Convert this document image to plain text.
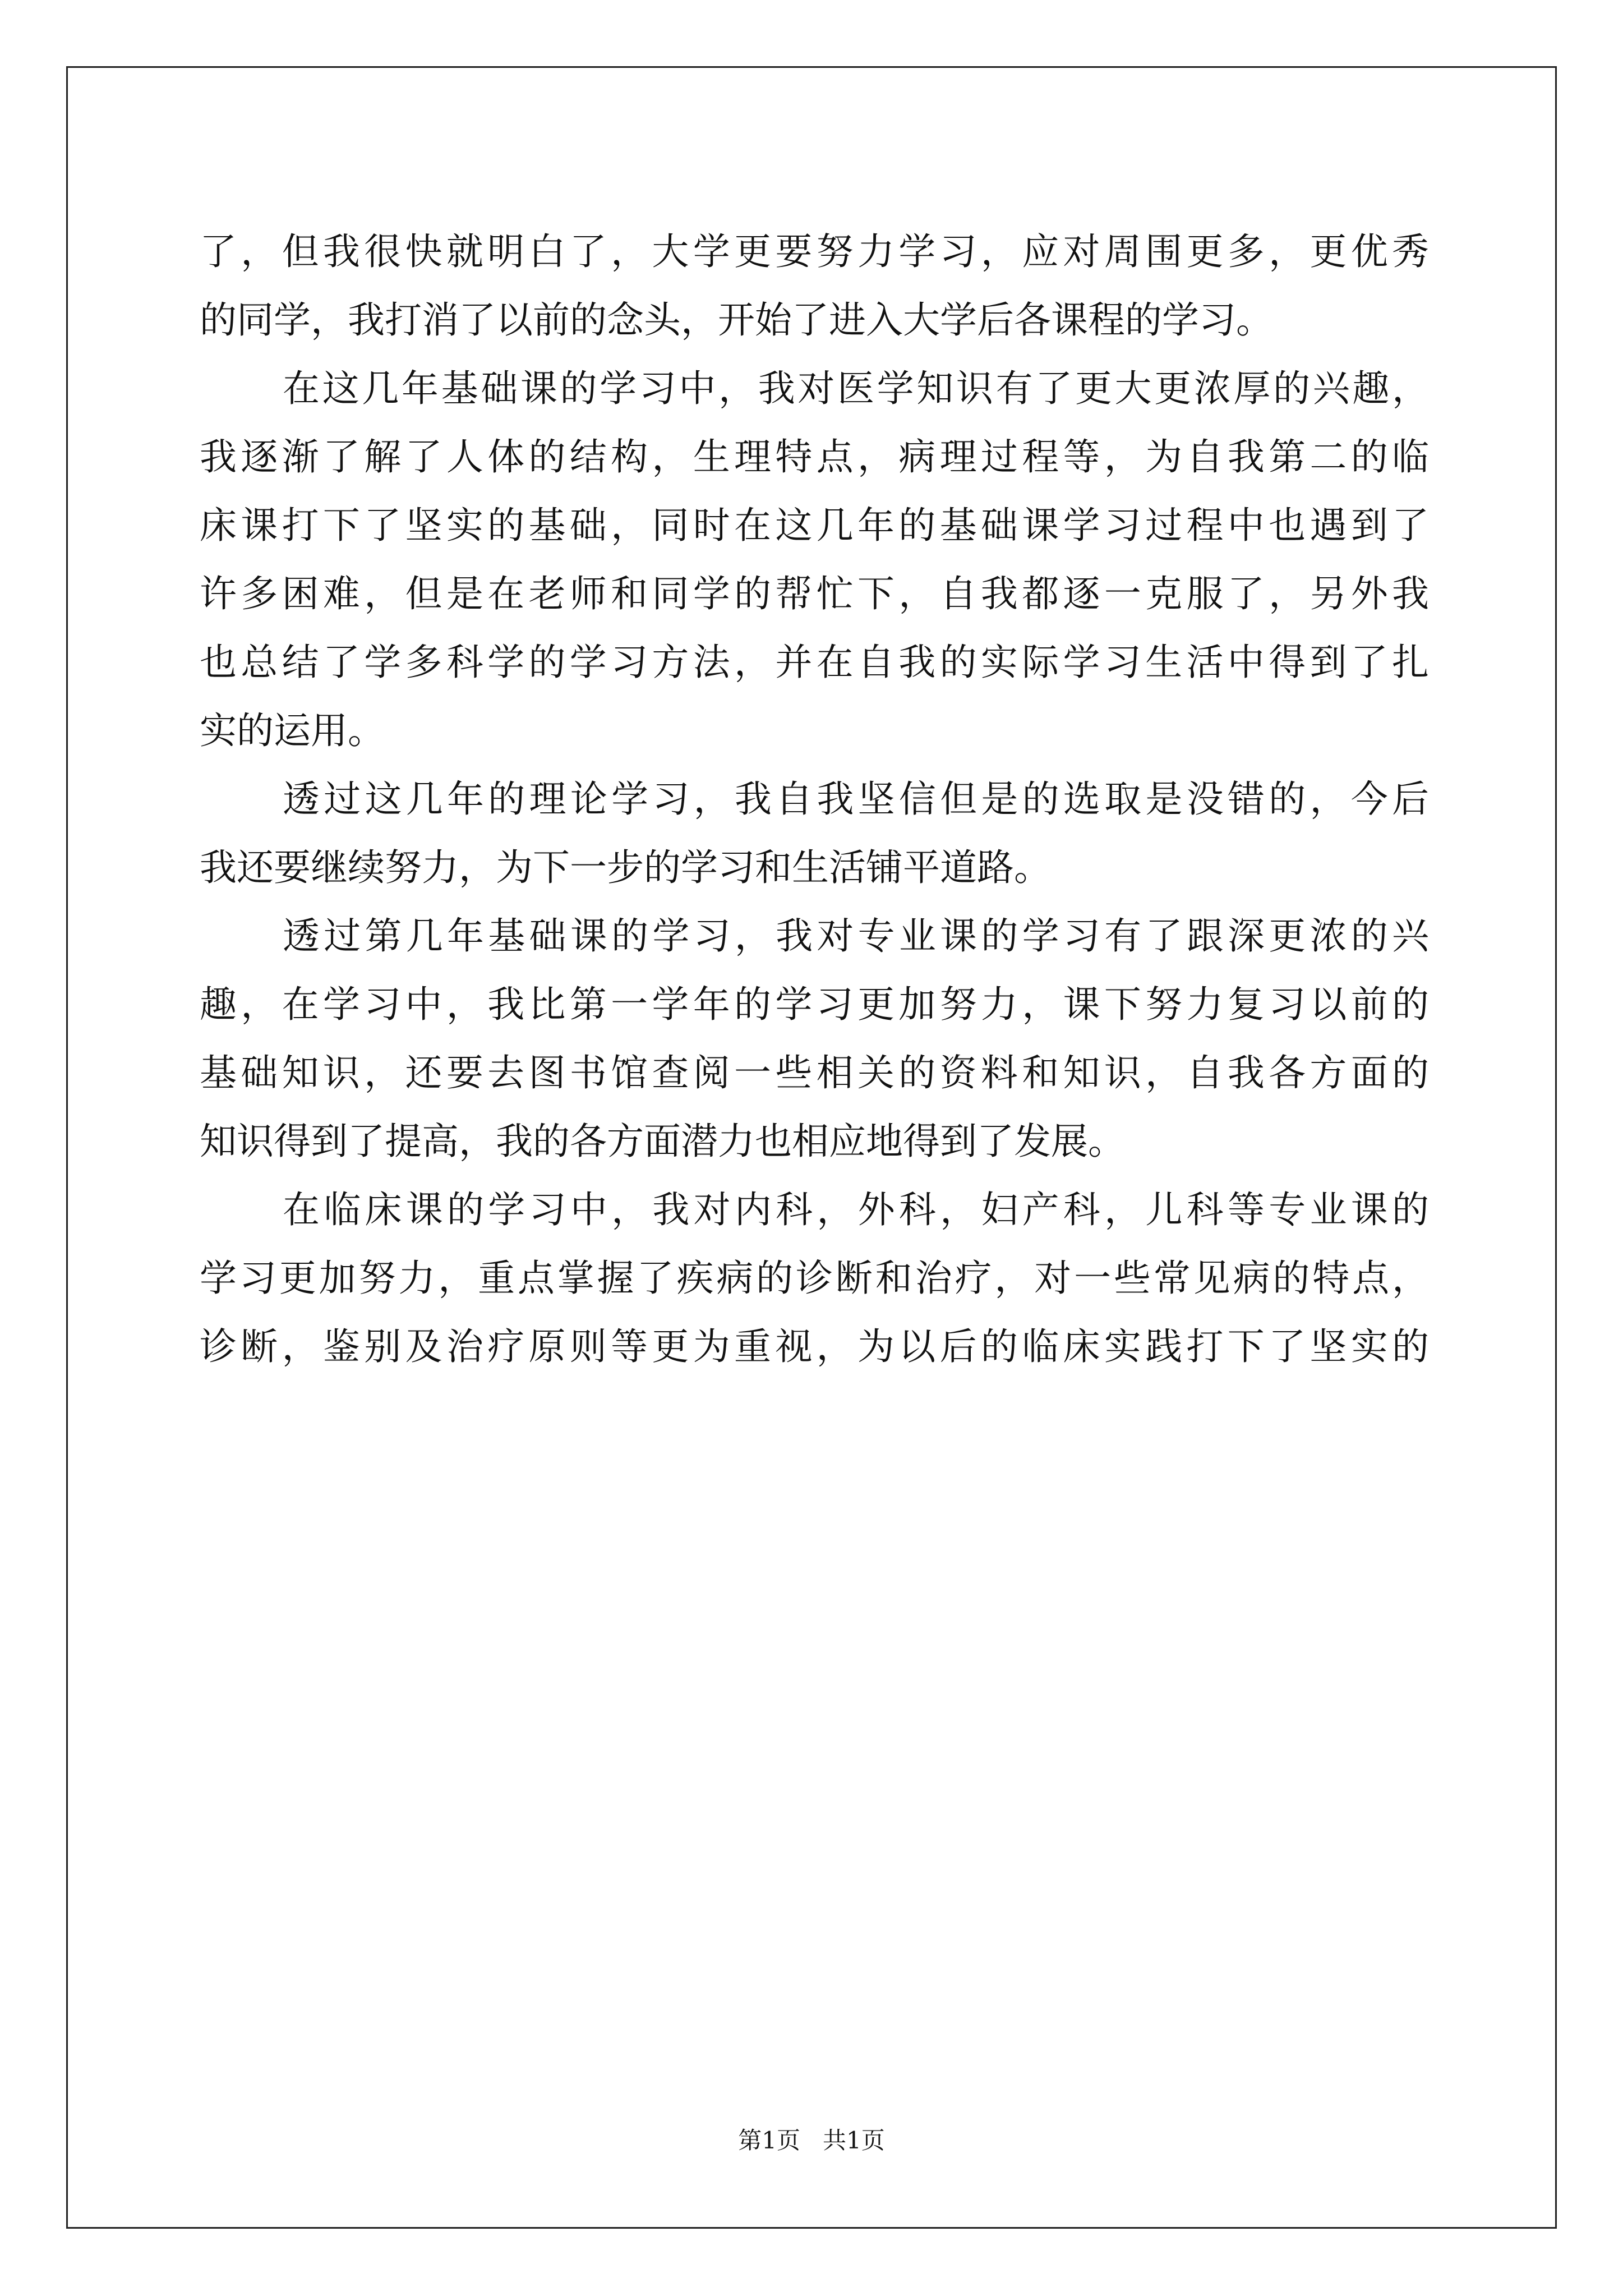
了，但我很快就明白了，大学更要努力学习，应对周围更多，更优秀
的同学，我打消了以前的念头，开始了进入大学后各课程的学习。
在这几年基础课的学习中，我对医学知识有了更大更浓厚的兴趣，
我逐渐了解了人体的结构，生理特点，病理过程等，为自我第二的临
床课打下了坚实的基础，同时在这几年的基础课学习过程中也遇到了
许多困难，但是在老师和同学的帮忙下，自我都逐一克服了，另外我
也总结了学多科学的学习方法，并在自我的实际学习生活中得到了扎
实的运用。
透过这几年的理论学习，我自我坚信但是的选取是没错的，今后
我还要继续努力，为下一步的学习和生活铺平道路。
透过第几年基础课的学习，我对专业课的学习有了跟深更浓的兴
趣，在学习中，我比第一学年的学习更加努力，课下努力复习以前的
基础知识，还要去图书馆查阅一些相关的资料和知识，自我各方面的
知识得到了提高，我的各方面潜力也相应地得到了发展。
在临床课的学习中，我对内科，外科，妇产科，儿科等专业课的
学习更加努力，重点掌握了疾病的诊断和治疗，对一些常见病的特点，
诊断，鉴别及治疗原则等更为重视，为以后的临床实践打下了坚实的
第1页   共1页
